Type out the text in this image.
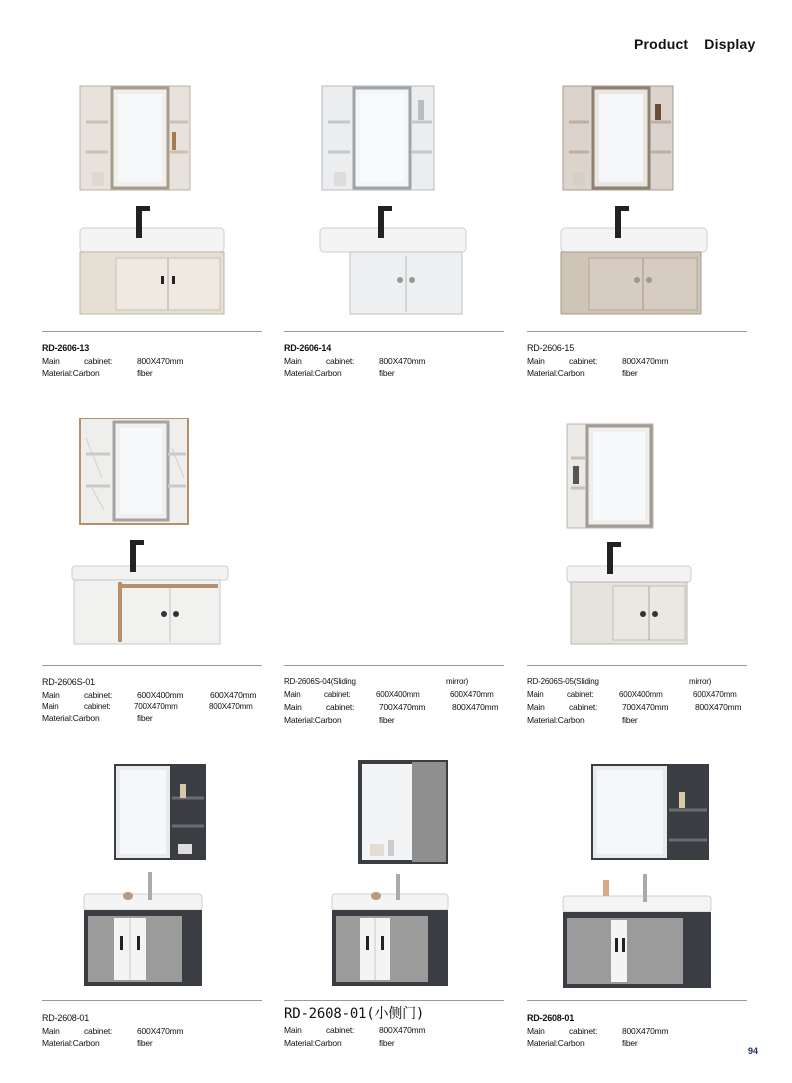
Product Display
RD-2606-13
Main	cabinet:	800X470mm
Material:Carbon	fiber
RD-2606-14
Main	cabinet:	800X470mm
Material:Carbon	fiber
RD-2606-15
Main	cabinet:	800X470mm
Material:Carbon	fiber
RD-2606S-01
Main	cabinet:	600X400mm	600X470mm
Main	cabinet:	700X470mm	800X470mm
Material:Carbon	fiber
RD-2606S-04(Sliding	mirror)
Main	cabinet:	600X400mm	600X470mm
Main	cabinet:	700X470mm	800X470mm
Material:Carbon	fiber
RD-2606S-05(Sliding	mirror)
Main	cabinet:	600X400mm	600X470mm
Main	cabinet:	700X470mm	800X470mm
Material:Carbon	fiber
RD-2608-01
Main	cabinet:	600X470mm
Material:Carbon	fiber
RD-2608-01(小侧门)
Main	cabinet:	800X470mm
Material:Carbon	fiber
RD-2608-01
Main	cabinet:	800X470mm
Material:Carbon	fiber
94
